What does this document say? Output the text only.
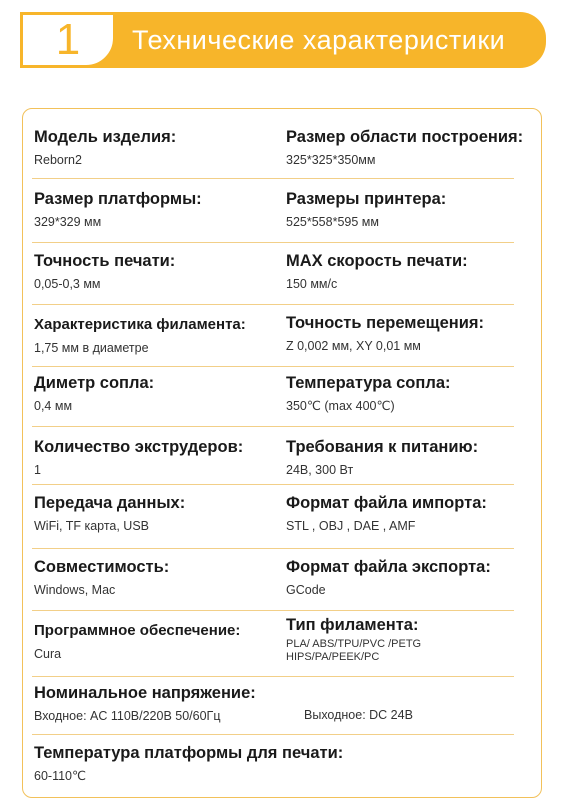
1	Технические характеристики
Модель изделия:
Reborn2
Размер области построения:
325*325*350мм
Размер платформы:
329*329 мм
Размеры принтера:
525*558*595 мм
Точность печати:
0,05-0,3 мм
MAX скорость печати:
150 мм/с
Характеристика филамента:
1,75 мм в диаметре
Точность перемещения:
Z 0,002 мм, XY 0,01 мм
Диметр сопла:
0,4 мм
Температура сопла:
350℃ (max 400℃)
Количество экструдеров:
1
Требования к питанию:
24В, 300 Вт
Передача данных:
WiFi, TF карта, USB
Формат файла импорта:
STL , OBJ , DAE , AMF
Совместимость:
Windows, Mac
Формат файла экспорта:
GCode
Программное обеспечение:
Cura
Тип филамента:
PLA/ ABS/TPU/PVC /PETG HIPS/PA/PEEK/PC
Номинальное напряжение:
Входное: AC 110B/220B 50/60Гц	Выходное: DC 24B
Температура платформы для печати:
60-110℃
